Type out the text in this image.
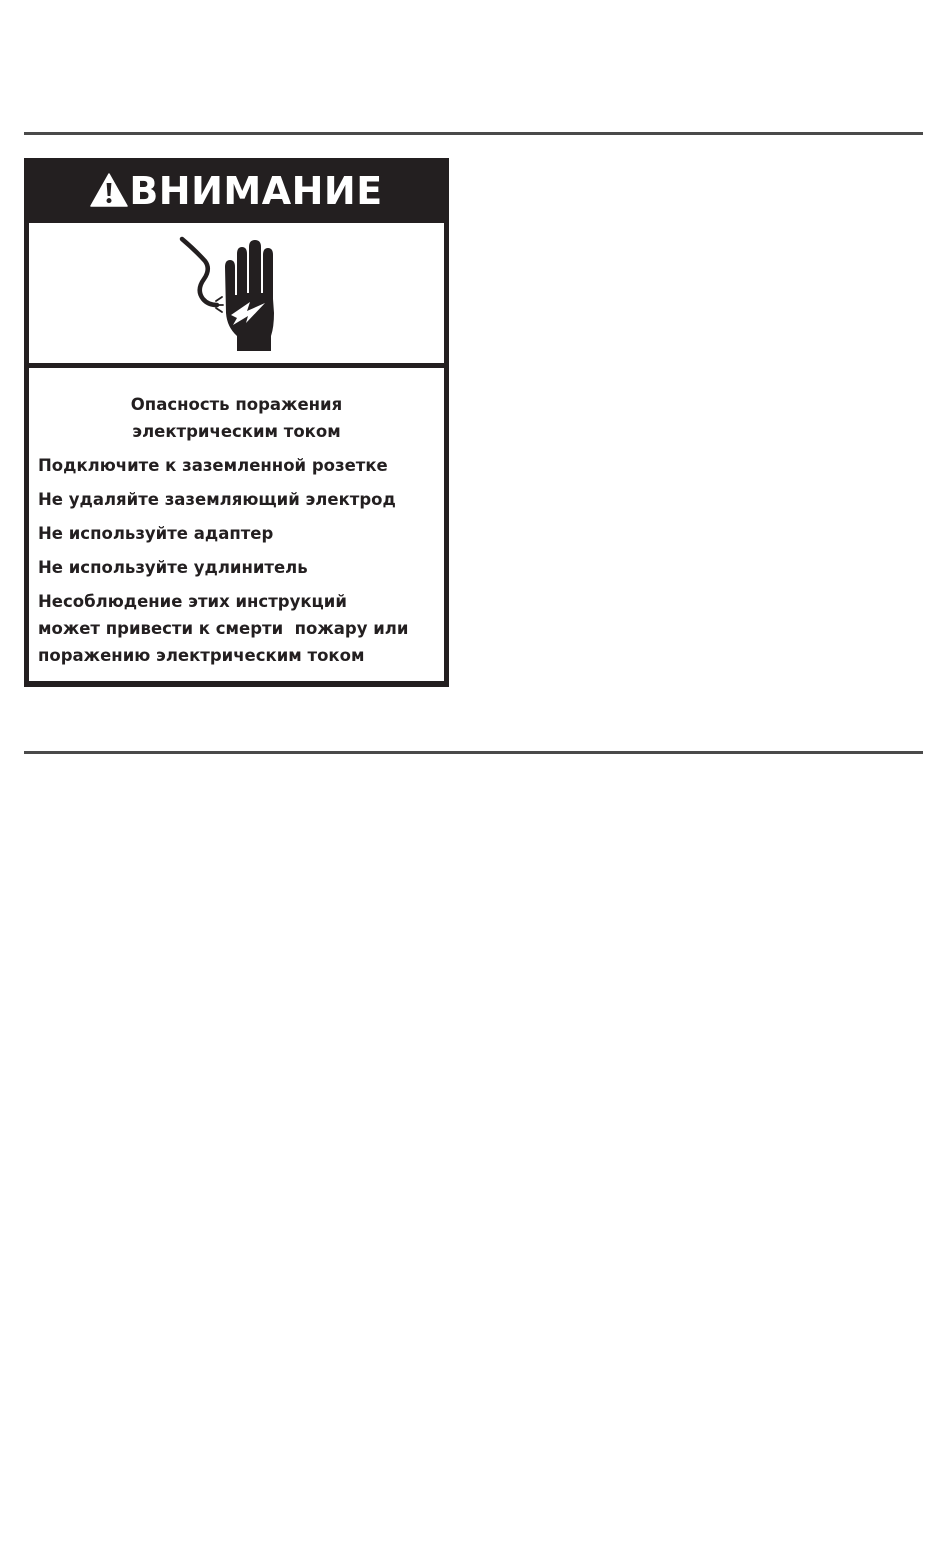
ВНИМАНИЕ
Опасность поражения
электрическим током
Подключите к заземленной розетке
Не удаляйте заземляющий электрод
Не используйте адаптер
Не используйте удлинитель
Несоблюдение этих инструкций
может привести к смерти  пожару или
поражению электрическим током
